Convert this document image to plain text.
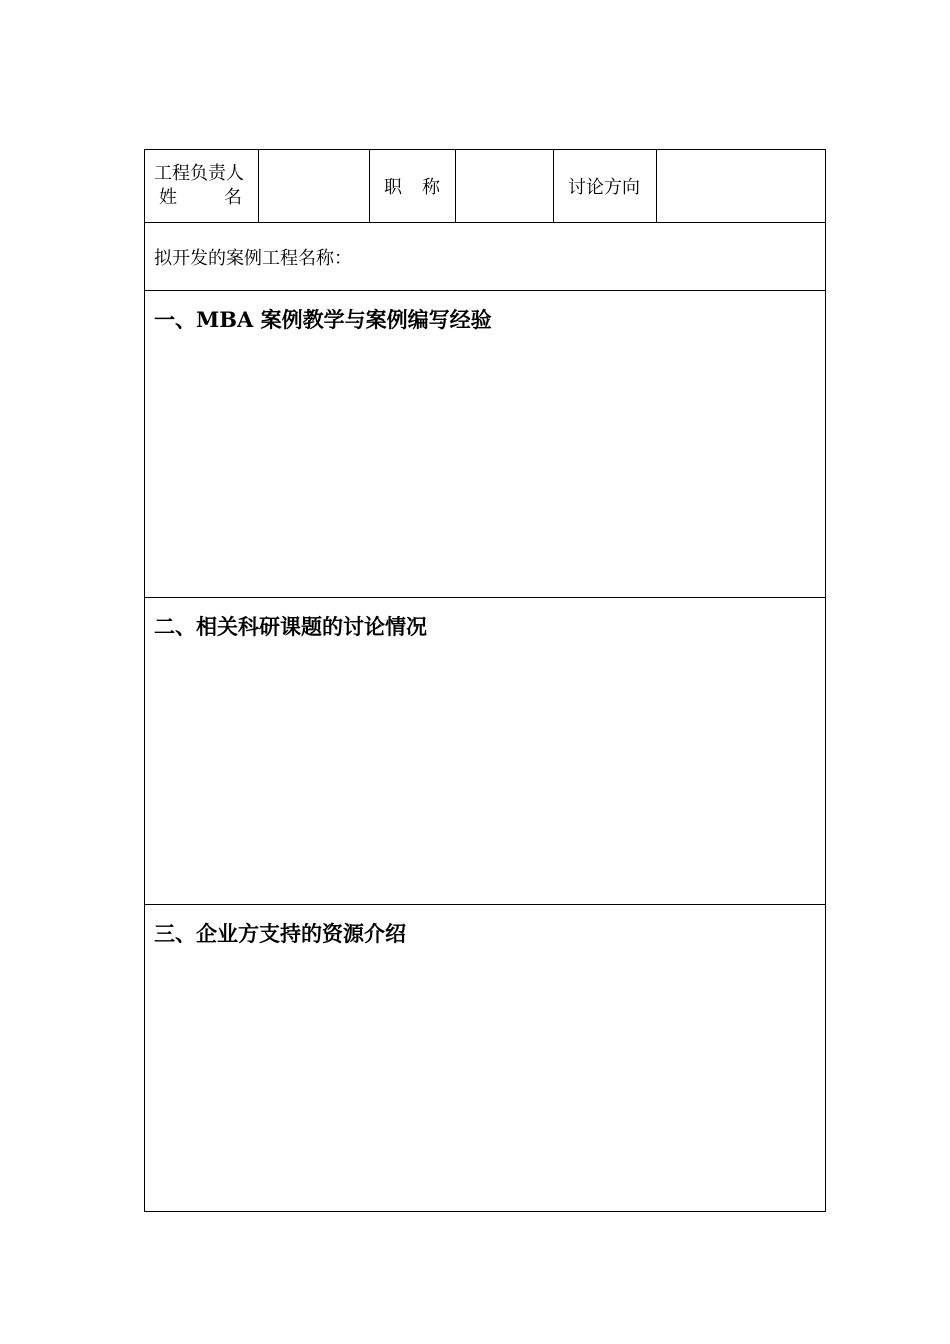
工程负责人
姓名		职称		讨论方向

拟开发的案例工程名称：

一、MBA 案例教学与案例编写经验

二、相关科研课题的讨论情况

三、企业方支持的资源介绍
